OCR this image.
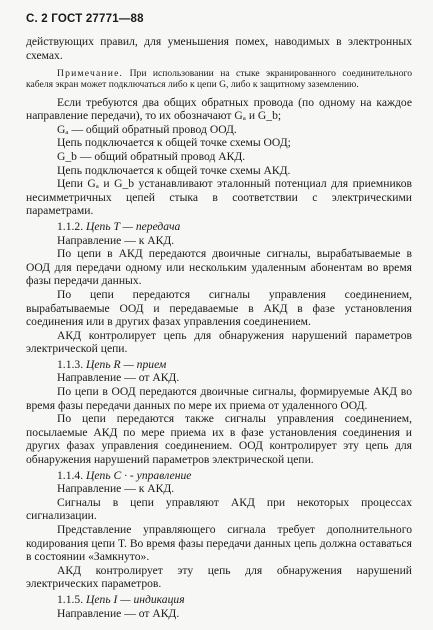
С. 2 ГОСТ 27771—88

действующих правил, для уменьшения помех, наводимых в электронных схемах.

Примечание. При использовании на стыке экранированного соединительного кабеля экран может подключаться либо к цепи G, либо к защитному заземлению.

Если требуются два общих обратных провода (по одному на каждое направление передачи), то их обозначают Gₐ и G_b;

Gₐ — общий обратный провод ООД.

Цепь подключается к общей точке схемы ООД;

G_b — общий обратный провод АКД.

Цепь подключается к общей точке схемы АКД.

Цепи Gₐ и G_b устанавливают эталонный потенциал для приемников несимметричных цепей стыка в соответствии с электрическими параметрами.

1.1.2. Цепь T — передача

Направление — к АКД.

По цепи в АКД передаются двоичные сигналы, вырабатываемые в ООД для передачи одному или нескольким удаленным абонентам во время фазы передачи данных.

По цепи передаются сигналы управления соединением, вырабатываемые ООД и передаваемые в АКД в фазе установления соединения или в других фазах управления соединением.

АКД контролирует цепь для обнаружения нарушений параметров электрической цепи.

1.1.3. Цепь R — прием

Направление — от АКД.

По цепи в ООД передаются двоичные сигналы, формируемые АКД во время фазы передачи данных по мере их приема от удаленного ООД.

По цепи передаются также сигналы управления соединением, посылаемые АКД по мере приема их в фазе установления соединения и других фазах управления соединением. ООД контролирует эту цепь для обнаружения нарушений параметров электрической цепи.

1.1.4. Цепь C · - управление

Направление — к АКД.

Сигналы в цепи управляют АКД при некоторых процессах сигнализации.

Представление управляющего сигнала требует дополнительного кодирования цепи Т. Во время фазы передачи данных цепь должна оставаться в состоянии «Замкнуто».

АКД контролирует эту цепь для обнаружения нарушений электрических параметров.

1.1.5. Цепь I — индикация

Направление — от АКД.
